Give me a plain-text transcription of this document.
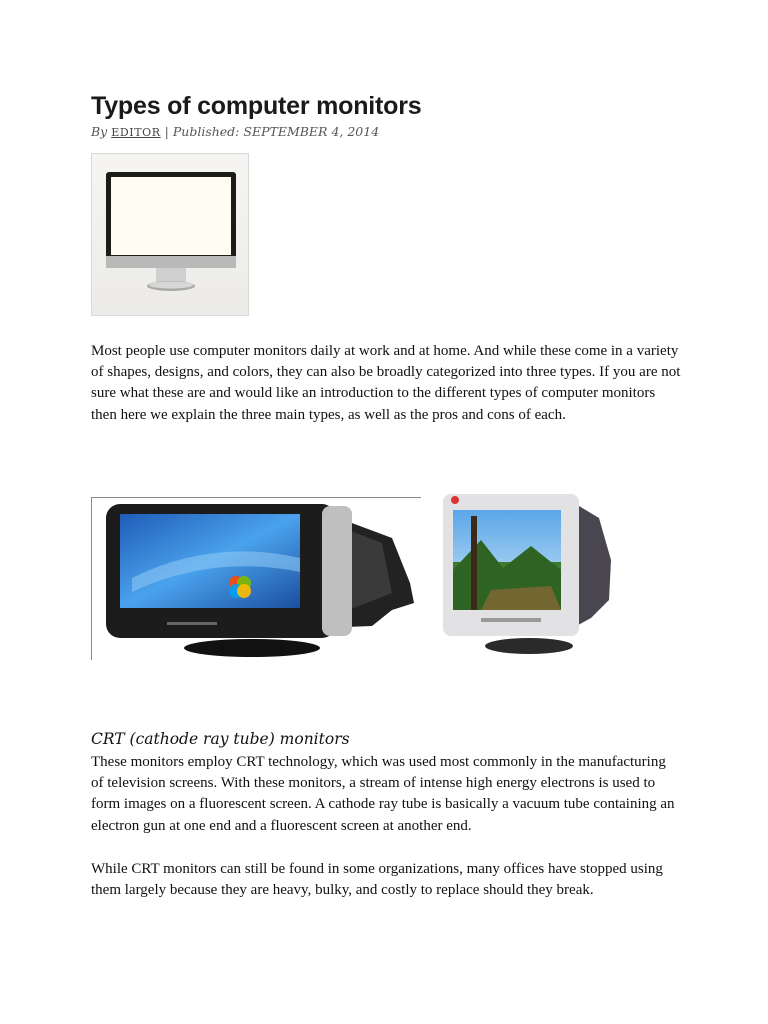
Types of computer monitors
By EDITOR | Published: SEPTEMBER 4, 2014

Most people use computer monitors daily at work and at home. And while these come in a variety of shapes, designs, and colors, they can also be broadly categorized into three types. If you are not sure what these are and would like an introduction to the different types of computer monitors then here we explain the three main types, as well as the pros and cons of each.

CRT (cathode ray tube) monitors

These monitors employ CRT technology, which was used most commonly in the manufacturing of television screens. With these monitors, a stream of intense high energy electrons is used to form images on a fluorescent screen. A cathode ray tube is basically a vacuum tube containing an electron gun at one end and a fluorescent screen at another end.

While CRT monitors can still be found in some organizations, many offices have stopped using them largely because they are heavy, bulky, and costly to replace should they break.
